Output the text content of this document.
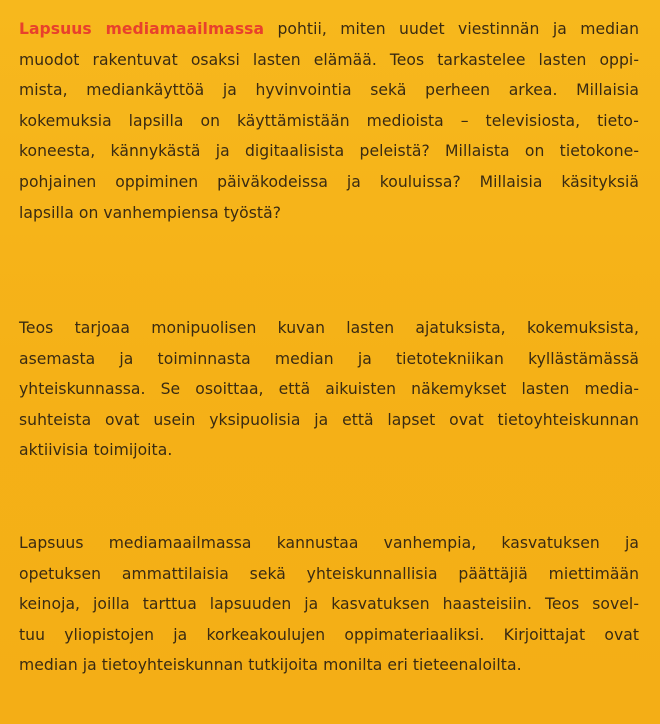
Lapsuus mediamaailmassa pohtii, miten uudet viestinnän ja median
muodot rakentuvat osaksi lasten elämää. Teos tarkastelee lasten oppi-
mista, mediankäyttöä ja hyvinvointia sekä perheen arkea. Millaisia
kokemuksia lapsilla on käyttämistään medioista – televisiosta, tieto-
koneesta, kännykästä ja digitaalisista peleistä? Millaista on tietokone-
pohjainen oppiminen päiväkodeissa ja kouluissa? Millaisia käsityksiä
lapsilla on vanhempiensa työstä?
Teos tarjoaa monipuolisen kuvan lasten ajatuksista, kokemuksista,
asemasta ja toiminnasta median ja tietotekniikan kyllästämässä
yhteiskunnassa. Se osoittaa, että aikuisten näkemykset lasten media-
suhteista ovat usein yksipuolisia ja että lapset ovat tietoyhteiskunnan
aktiivisia toimijoita.
Lapsuus mediamaailmassa kannustaa vanhempia, kasvatuksen ja
opetuksen ammattilaisia sekä yhteiskunnallisia päättäjiä miettimään
keinoja, joilla tarttua lapsuuden ja kasvatuksen haasteisiin. Teos sovel-
tuu yliopistojen ja korkeakoulujen oppimateriaaliksi. Kirjoittajat ovat
median ja tietoyhteiskunnan tutkijoita monilta eri tieteenaloilta.
